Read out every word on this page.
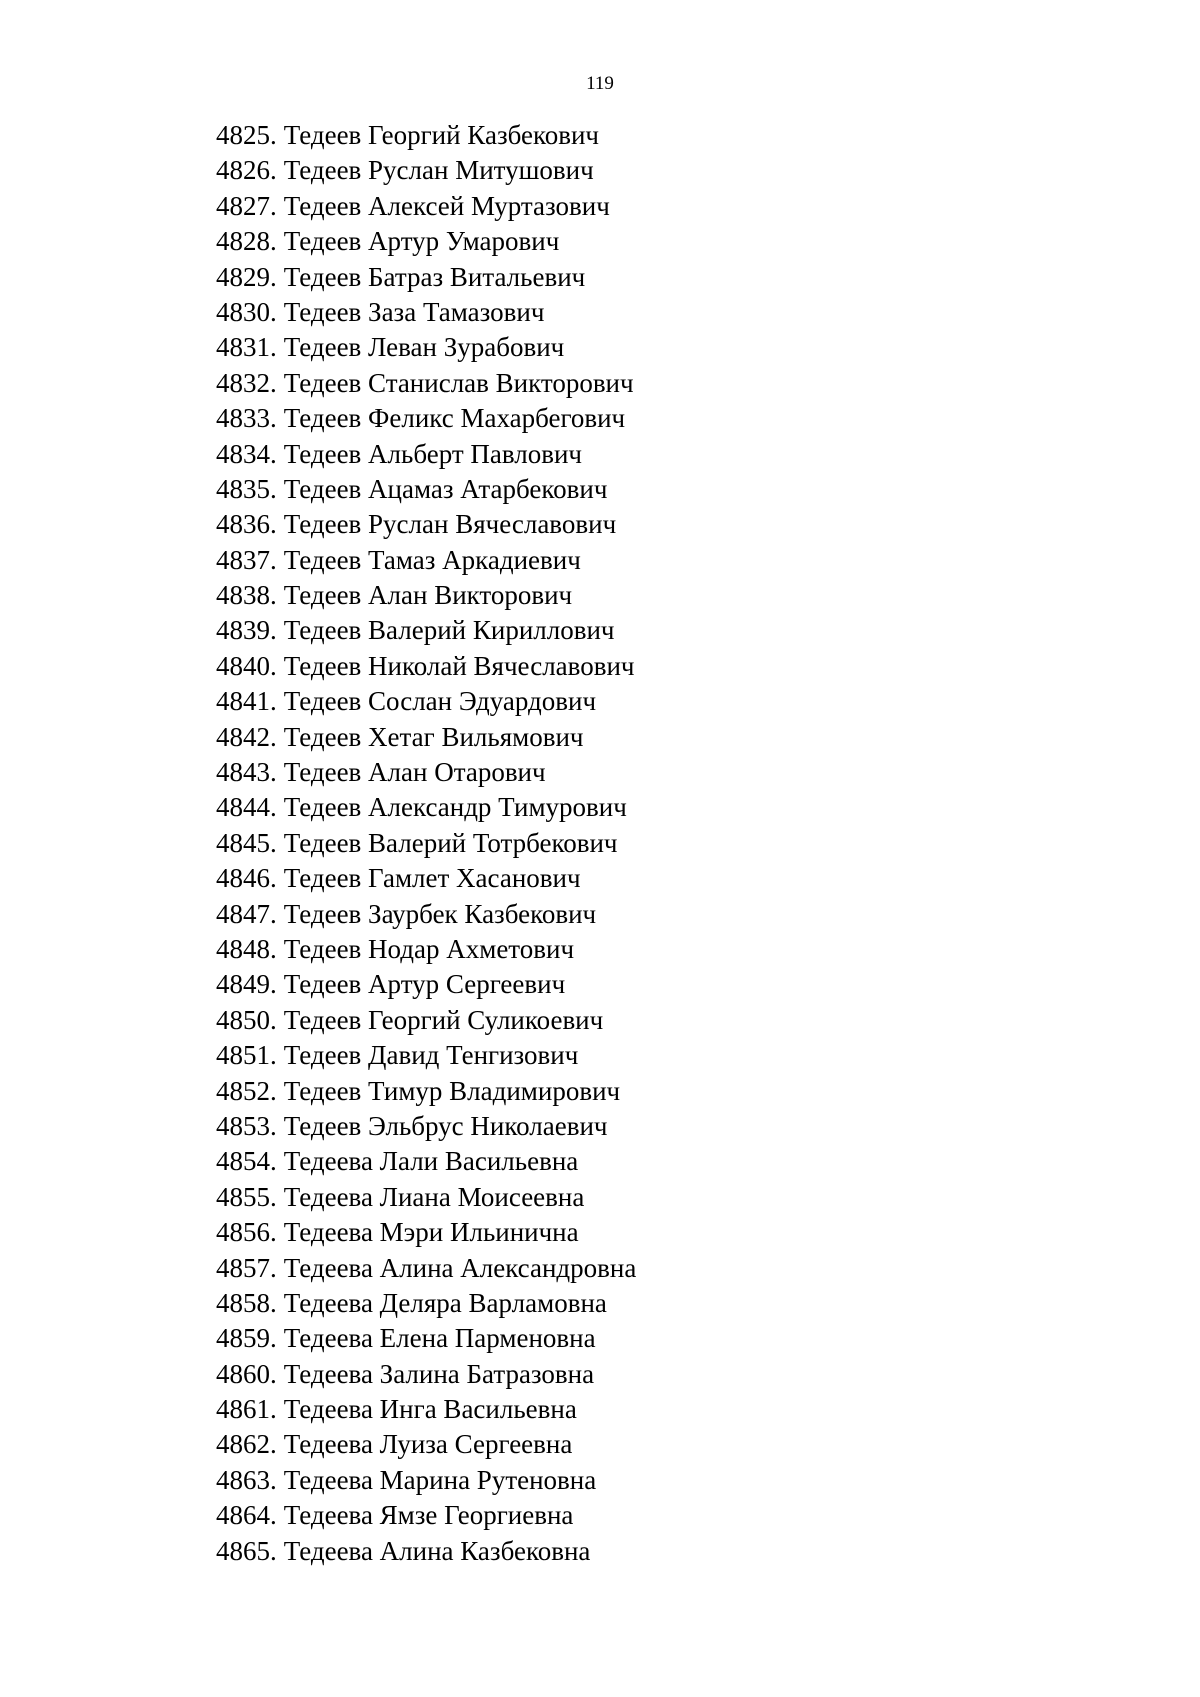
119
4825. Тедеев Георгий Казбекович
4826. Тедеев Руслан Митушович
4827. Тедеев Алексей Муртазович
4828. Тедеев Артур Умарович
4829. Тедеев Батраз Витальевич
4830. Тедеев Заза Тамазович
4831. Тедеев Леван Зурабович
4832. Тедеев Станислав Викторович
4833. Тедеев Феликс Махарбегович
4834. Тедеев Альберт Павлович
4835. Тедеев Ацамаз Атарбекович
4836. Тедеев Руслан Вячеславович
4837. Тедеев Тамаз Аркадиевич
4838. Тедеев Алан Викторович
4839. Тедеев Валерий Кириллович
4840. Тедеев Николай Вячеславович
4841. Тедеев Сослан Эдуардович
4842. Тедеев Хетаг Вильямович
4843. Тедеев Алан Отарович
4844. Тедеев Александр Тимурович
4845. Тедеев Валерий Тотрбекович
4846. Тедеев Гамлет Хасанович
4847. Тедеев Заурбек Казбекович
4848. Тедеев Нодар Ахметович
4849. Тедеев Артур Сергеевич
4850. Тедеев Георгий Суликоевич
4851. Тедеев Давид Тенгизович
4852. Тедеев Тимур Владимирович
4853. Тедеев Эльбрус Николаевич
4854. Тедеева Лали Васильевна
4855. Тедеева Лиана Моисеевна
4856. Тедеева Мэри Ильинична
4857. Тедеева Алина Александровна
4858. Тедеева Деляра Варламовна
4859. Тедеева Елена Парменовна
4860. Тедеева Залина Батразовна
4861. Тедеева Инга Васильевна
4862. Тедеева Луиза Сергеевна
4863. Тедеева Марина Рутеновна
4864. Тедеева Ямзе Георгиевна
4865. Тедеева Алина Казбековна
